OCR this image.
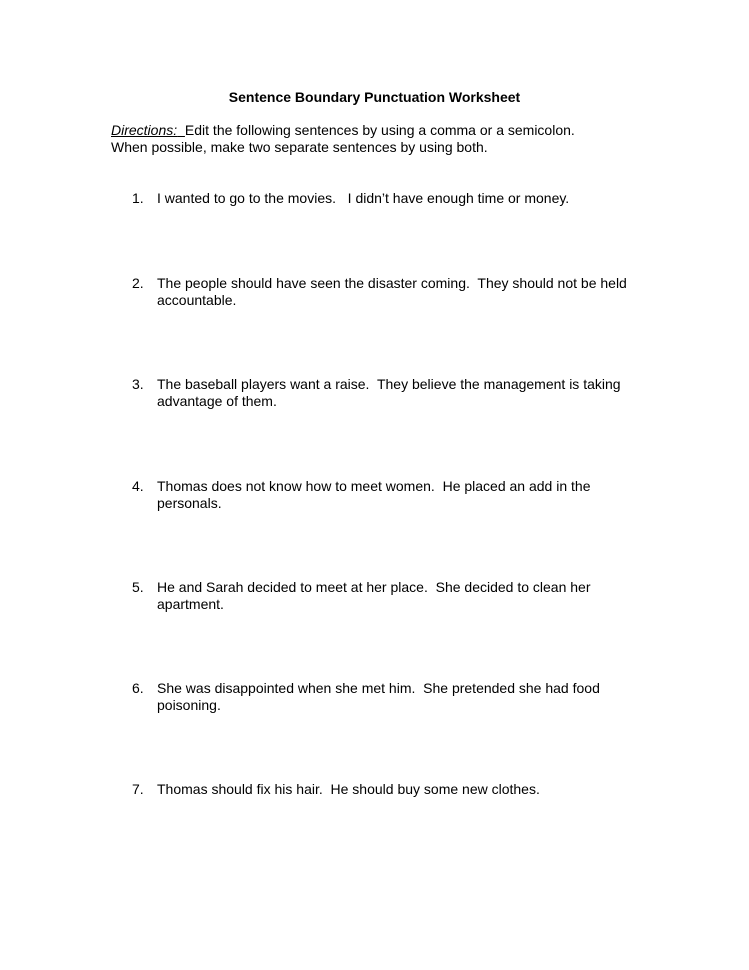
Sentence Boundary Punctuation Worksheet
Directions: Edit the following sentences by using a comma or a semicolon.
When possible, make two separate sentences by using both.
1. I wanted to go to the movies.   I didn’t have enough time or money.
2. The people should have seen the disaster coming.  They should not be held accountable.
3. The baseball players want a raise.  They believe the management is taking advantage of them.
4. Thomas does not know how to meet women.  He placed an add in the personals.
5. He and Sarah decided to meet at her place.  She decided to clean her apartment.
6. She was disappointed when she met him.  She pretended she had food poisoning.
7. Thomas should fix his hair.  He should buy some new clothes.
